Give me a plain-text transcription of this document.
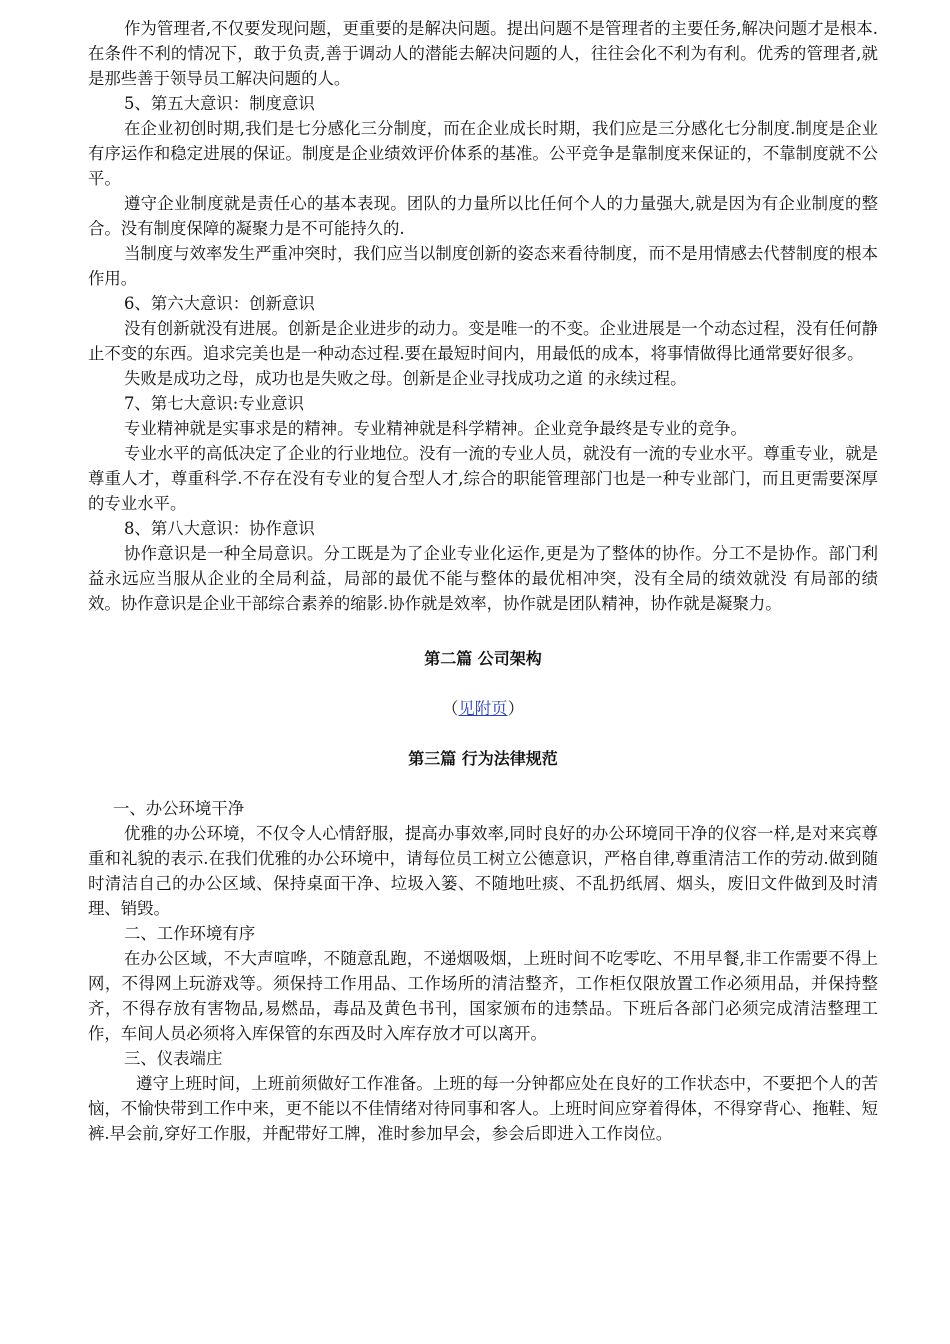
作为管理者,不仅要发现问题，更重要的是解决问题。提出问题不是管理者的主要任务,解决问题才是根本.在条件不利的情况下，敢于负责,善于调动人的潜能去解决问题的人，往往会化不利为有利。优秀的管理者,就是那些善于领导员工解决问题的人。

5、第五大意识：制度意识

在企业初创时期,我们是七分感化三分制度，而在企业成长时期，我们应是三分感化七分制度.制度是企业有序运作和稳定进展的保证。制度是企业绩效评价体系的基准。公平竞争是靠制度来保证的，不靠制度就不公平。

遵守企业制度就是责任心的基本表现。团队的力量所以比任何个人的力量强大,就是因为有企业制度的整合。没有制度保障的凝聚力是不可能持久的.

当制度与效率发生严重冲突时，我们应当以制度创新的姿态来看待制度，而不是用情感去代替制度的根本作用。

6、第六大意识：创新意识

没有创新就没有进展。创新是企业进步的动力。变是唯一的不变。企业进展是一个动态过程，没有任何静止不变的东西。追求完美也是一种动态过程.要在最短时间内，用最低的成本，将事情做得比通常要好很多。

失败是成功之母，成功也是失败之母。创新是企业寻找成功之道 的永续过程。

7、第七大意识:专业意识

专业精神就是实事求是的精神。专业精神就是科学精神。企业竞争最终是专业的竞争。

专业水平的高低决定了企业的行业地位。没有一流的专业人员，就没有一流的专业水平。尊重专业，就是尊重人才，尊重科学.不存在没有专业的复合型人才,综合的职能管理部门也是一种专业部门，而且更需要深厚的专业水平。

8、第八大意识：协作意识

协作意识是一种全局意识。分工既是为了企业专业化运作,更是为了整体的协作。分工不是协作。部门利益永远应当服从企业的全局利益，局部的最优不能与整体的最优相冲突，没有全局的绩效就没 有局部的绩效。协作意识是企业干部综合素养的缩影.协作就是效率，协作就是团队精神，协作就是凝聚力。

第二篇 公司架构

（见附页）

第三篇 行为法律规范

一、办公环境干净

优雅的办公环境，不仅令人心情舒服，提高办事效率,同时良好的办公环境同干净的仪容一样,是对来宾尊重和礼貌的表示.在我们优雅的办公环境中，请每位员工树立公德意识，严格自律,尊重清洁工作的劳动.做到随时清洁自己的办公区域、保持桌面干净、垃圾入篓、不随地吐痰、不乱扔纸屑、烟头，废旧文件做到及时清理、销毁。

二、工作环境有序

在办公区域，不大声喧哗，不随意乱跑，不递烟吸烟，上班时间不吃零吃、不用早餐,非工作需要不得上网，不得网上玩游戏等。须保持工作用品、工作场所的清洁整齐，工作柜仅限放置工作必须用品，并保持整齐，不得存放有害物品,易燃品，毒品及黄色书刊，国家颁布的违禁品。下班后各部门必须完成清洁整理工作，车间人员必须将入库保管的东西及时入库存放才可以离开。

三、仪表端庄

遵守上班时间，上班前须做好工作准备。上班的每一分钟都应处在良好的工作状态中，不要把个人的苦恼，不愉快带到工作中来，更不能以不佳情绪对待同事和客人。上班时间应穿着得体，不得穿背心、拖鞋、短裤.早会前,穿好工作服，并配带好工牌，准时参加早会，参会后即进入工作岗位。
